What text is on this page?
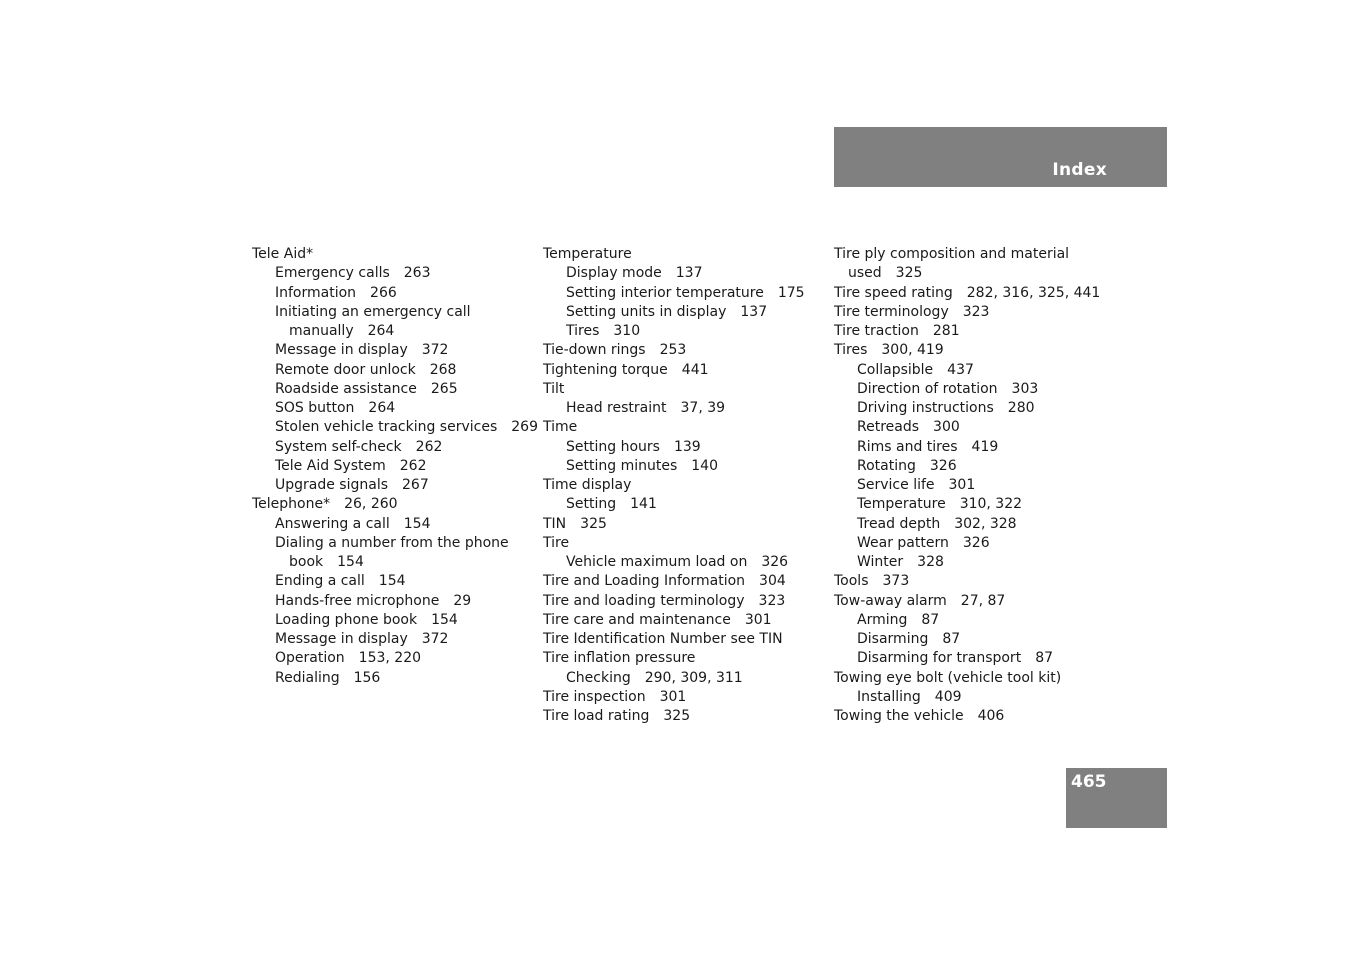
Index
Tele Aid*
Emergency calls 263
Information 266
Initiating an emergency call
manually 264
Message in display 372
Remote door unlock 268
Roadside assistance 265
SOS button 264
Stolen vehicle tracking services 269
System self-check 262
Tele Aid System 262
Upgrade signals 267
Telephone* 26, 260
Answering a call 154
Dialing a number from the phone
book 154
Ending a call 154
Hands-free microphone 29
Loading phone book 154
Message in display 372
Operation 153, 220
Redialing 156
Temperature
Display mode 137
Setting interior temperature 175
Setting units in display 137
Tires 310
Tie-down rings 253
Tightening torque 441
Tilt
Head restraint 37, 39
Time
Setting hours 139
Setting minutes 140
Time display
Setting 141
TIN 325
Tire
Vehicle maximum load on 326
Tire and Loading Information 304
Tire and loading terminology 323
Tire care and maintenance 301
Tire Identification Number see TIN
Tire inflation pressure
Checking 290, 309, 311
Tire inspection 301
Tire load rating 325
Tire ply composition and material
used 325
Tire speed rating 282, 316, 325, 441
Tire terminology 323
Tire traction 281
Tires 300, 419
Collapsible 437
Direction of rotation 303
Driving instructions 280
Retreads 300
Rims and tires 419
Rotating 326
Service life 301
Temperature 310, 322
Tread depth 302, 328
Wear pattern 326
Winter 328
Tools 373
Tow-away alarm 27, 87
Arming 87
Disarming 87
Disarming for transport 87
Towing eye bolt (vehicle tool kit)
Installing 409
Towing the vehicle 406
465
